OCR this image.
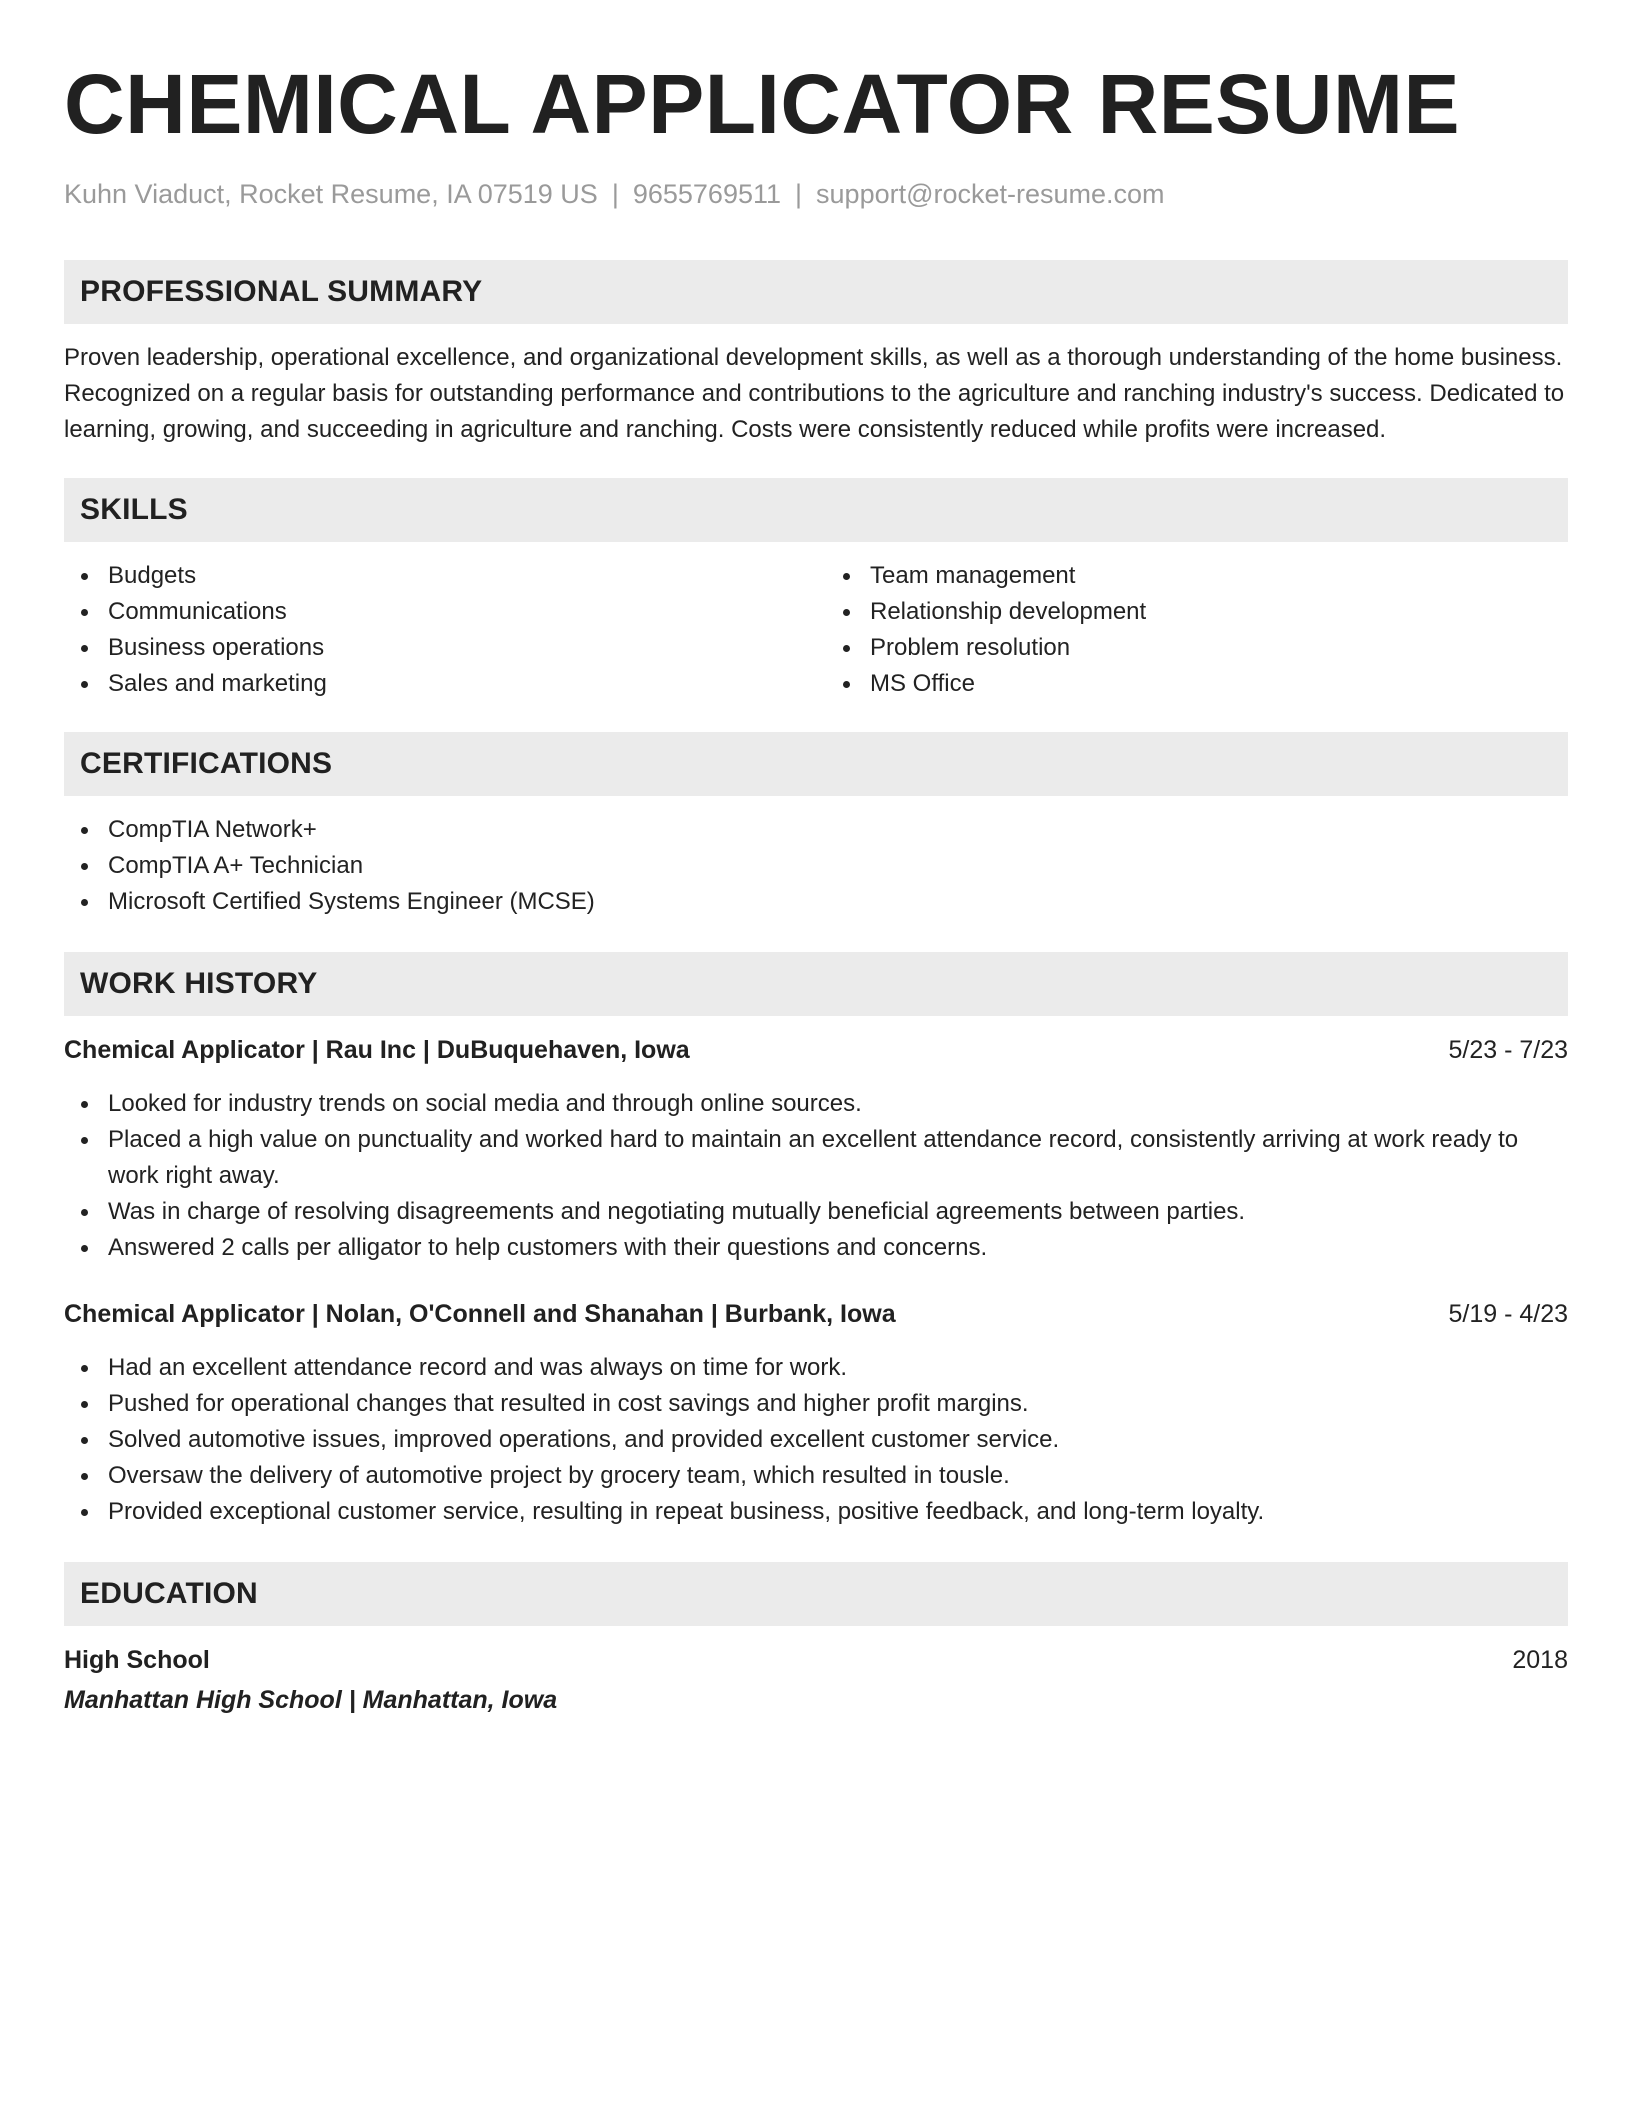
CHEMICAL APPLICATOR RESUME
Kuhn Viaduct, Rocket Resume, IA 07519 US | 9655769511 | support@rocket-resume.com
PROFESSIONAL SUMMARY

Proven leadership, operational excellence, and organizational development skills, as well as a thorough understanding of the home business. Recognized on a regular basis for outstanding performance and contributions to the agriculture and ranching industry's success. Dedicated to learning, growing, and succeeding in agriculture and ranching. Costs were consistently reduced while profits were increased.

SKILLS
Budgets
Communications
Business operations
Sales and marketing
Team management
Relationship development
Problem resolution
MS Office
CERTIFICATIONS
CompTIA Network+
CompTIA A+ Technician
Microsoft Certified Systems Engineer (MCSE)
WORK HISTORY
Chemical Applicator | Rau Inc | DuBuquehaven, Iowa	5/23 - 7/23
Looked for industry trends on social media and through online sources.
Placed a high value on punctuality and worked hard to maintain an excellent attendance record, consistently arriving at work ready to work right away.
Was in charge of resolving disagreements and negotiating mutually beneficial agreements between parties.
Answered 2 calls per alligator to help customers with their questions and concerns.
Chemical Applicator | Nolan, O'Connell and Shanahan | Burbank, Iowa	5/19 - 4/23
Had an excellent attendance record and was always on time for work.
Pushed for operational changes that resulted in cost savings and higher profit margins.
Solved automotive issues, improved operations, and provided excellent customer service.
Oversaw the delivery of automotive project by grocery team, which resulted in tousle.
Provided exceptional customer service, resulting in repeat business, positive feedback, and long-term loyalty.
EDUCATION
High School	2018
Manhattan High School | Manhattan, Iowa
